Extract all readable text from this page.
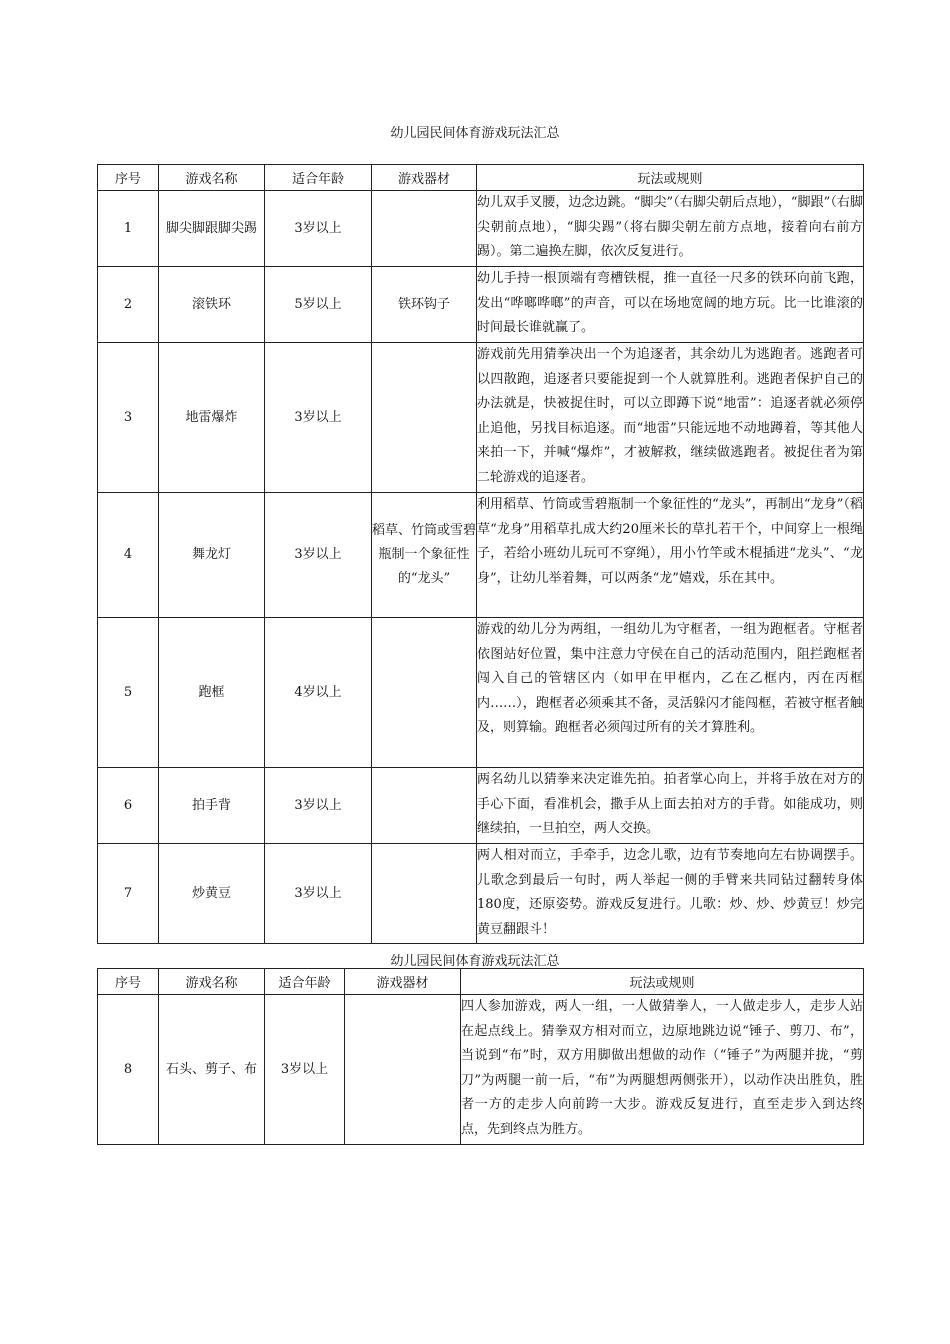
幼儿园民间体育游戏玩法汇总
序号	游戏名称	适合年龄	游戏器材	玩法或规则
1	脚尖脚跟脚尖踢	3岁以上		幼儿双手叉腰，边念边跳。“脚尖”（右脚尖朝后点地），“脚跟”（右脚尖朝前点地），“脚尖踢”（将右脚尖朝左前方点地，接着向右前方踢）。第二遍换左脚，依次反复进行。
2	滚铁环	5岁以上	铁环钩子	幼儿手持一根顶端有弯槽铁棍，推一直径一尺多的铁环向前飞跑，发出“哗啷哗啷”的声音，可以在场地宽阔的地方玩。比一比谁滚的时间最长谁就赢了。
3	地雷爆炸	3岁以上		游戏前先用猜拳决出一个为追逐者，其余幼儿为逃跑者。逃跑者可以四散跑，追逐者只要能捉到一个人就算胜利。逃跑者保护自己的办法就是，快被捉住时，可以立即蹲下说“地雷”：追逐者就必须停止追他，另找目标追逐。而“地雷”只能远地不动地蹲着，等其他人来拍一下，并喊“爆炸”，才被解救，继续做逃跑者。被捉住者为第二轮游戏的追逐者。
4	舞龙灯	3岁以上	稻草、竹筒或雪碧瓶制一个象征性的“龙头”	利用稻草、竹筒或雪碧瓶制一个象征性的“龙头”，再制出“龙身”（稻草“龙身”用稻草扎成大约20厘米长的草扎若干个，中间穿上一根绳子，若给小班幼儿玩可不穿绳），用小竹竿或木棍插进“龙头”、“龙身”，让幼儿举着舞，可以两条“龙”嬉戏，乐在其中。
5	跑框	4岁以上		游戏的幼儿分为两组，一组幼儿为守框者，一组为跑框者。守框者依图站好位置，集中注意力守侯在自己的活动范围内，阻拦跑框者闯入自己的管辖区内（如甲在甲框内，乙在乙框内，丙在丙框内……），跑框者必须乘其不备，灵活躲闪才能闯框，若被守框者触及，则算输。跑框者必须闯过所有的关才算胜利。
6	拍手背	3岁以上		两名幼儿以猜拳来决定谁先拍。拍者掌心向上，并将手放在对方的手心下面，看准机会，撒手从上面去拍对方的手背。如能成功，则继续拍，一旦拍空，两人交换。
7	炒黄豆	3岁以上		两人相对而立，手牵手，边念儿歌，边有节奏地向左右协调摆手。儿歌念到最后一句时，两人举起一侧的手臂来共同钻过翻转身体180度，还原姿势。游戏反复进行。儿歌：炒、炒、炒黄豆！炒完黄豆翻跟斗！
幼儿园民间体育游戏玩法汇总
序号	游戏名称	适合年龄	游戏器材	玩法或规则
8	石头、剪子、布	3岁以上		四人参加游戏，两人一组，一人做猜拳人，一人做走步人，走步人站在起点线上。猜拳双方相对而立，边原地跳边说“锤子、剪刀、布”，当说到“布”时，双方用脚做出想做的动作（“锤子”为两腿并拢，“剪刀”为两腿一前一后，“布”为两腿想两侧张开），以动作决出胜负，胜者一方的走步人向前跨一大步。游戏反复进行，直至走步入到达终点，先到终点为胜方。
